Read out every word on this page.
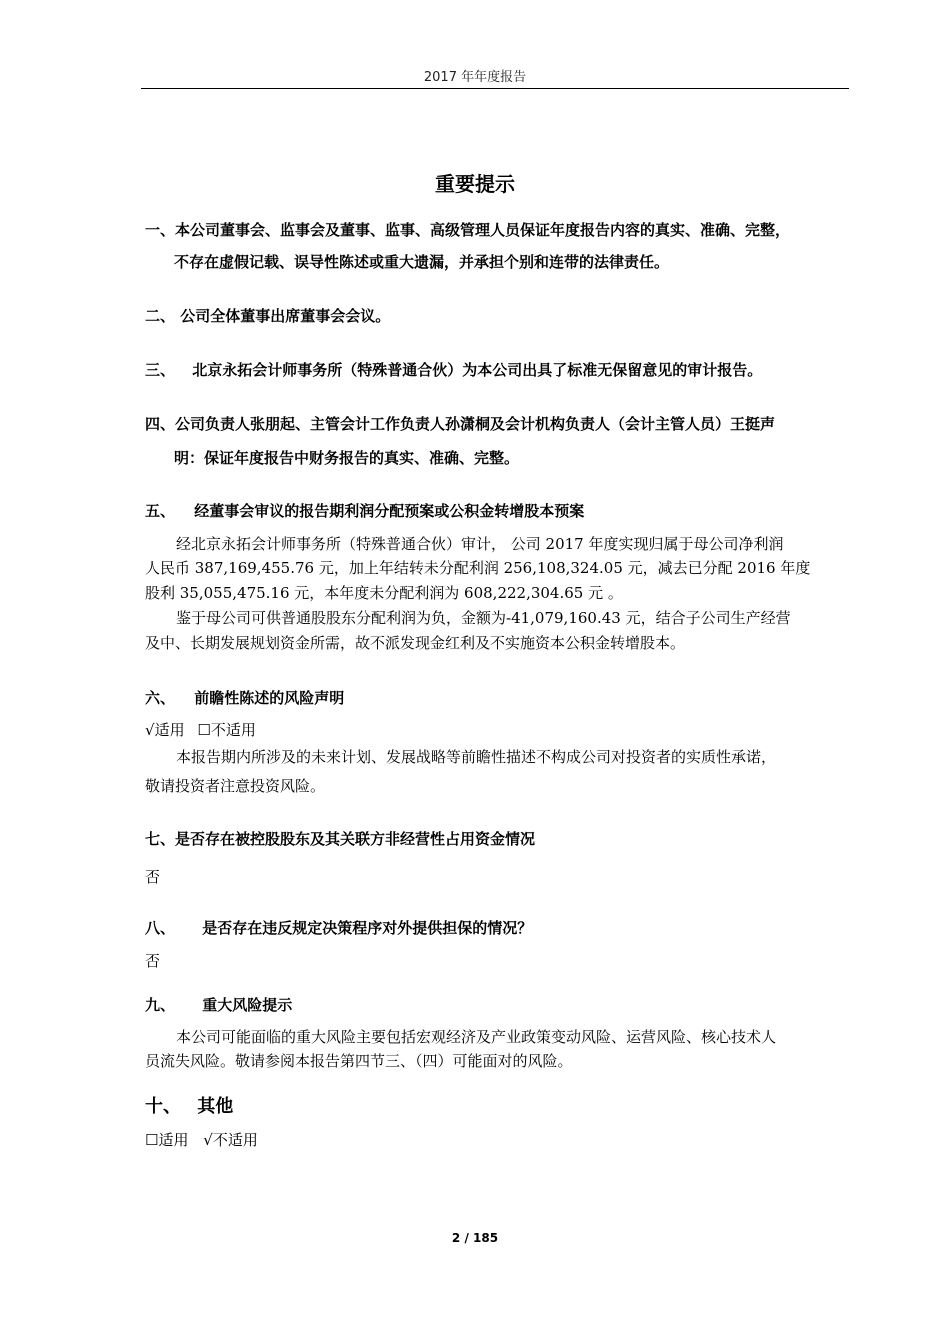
2017 年年度报告
重要提示
一、本公司董事会、监事会及董事、监事、高级管理人员保证年度报告内容的真实、准确、完整，
不存在虚假记载、误导性陈述或重大遗漏，并承担个别和连带的法律责任。
二、 公司全体董事出席董事会会议。
三、 北京永拓会计师事务所（特殊普通合伙）为本公司出具了标准无保留意见的审计报告。
四、公司负责人张朋起、主管会计工作负责人孙潇桐及会计机构负责人（会计主管人员）王挺声
明：保证年度报告中财务报告的真实、准确、完整。
五、 经董事会审议的报告期利润分配预案或公积金转增股本预案
经北京永拓会计师事务所（特殊普通合伙）审计， 公司 2017 年度实现归属于母公司净利润
人民币 387,169,455.76 元，加上年结转未分配利润 256,108,324.05 元，减去已分配 2016 年度
股利 35,055,475.16 元，本年度未分配利润为 608,222,304.65 元 。
鉴于母公司可供普通股股东分配利润为负，金额为-41,079,160.43 元，结合子公司生产经营
及中、长期发展规划资金所需，故不派发现金红利及不实施资本公积金转增股本。
六、 前瞻性陈述的风险声明
√适用 ☐不适用
本报告期内所涉及的未来计划、发展战略等前瞻性描述不构成公司对投资者的实质性承诺，
敬请投资者注意投资风险。
七、是否存在被控股股东及其关联方非经营性占用资金情况
否
八、 是否存在违反规定决策程序对外提供担保的情况？
否
九、 重大风险提示
本公司可能面临的重大风险主要包括宏观经济及产业政策变动风险、运营风险、核心技术人
员流失风险。敬请参阅本报告第四节三、（四）可能面对的风险。
十、 其他
☐适用 √不适用
2 / 185
